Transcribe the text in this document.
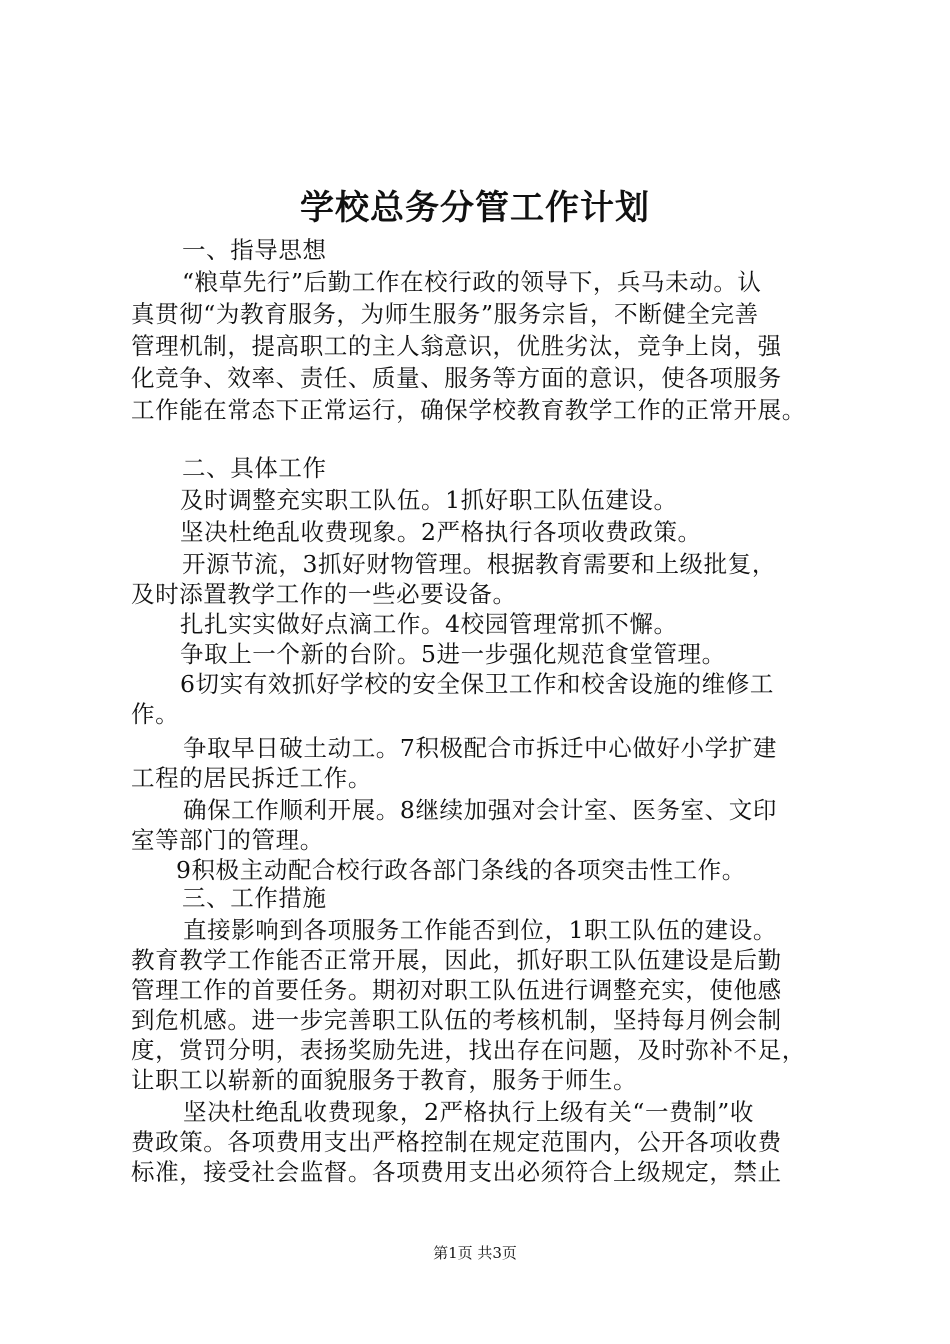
学校总务分管工作计划
一、指导思想
“粮草先行”后勤工作在校行政的领导下，兵马未动。认
真贯彻“为教育服务，为师生服务”服务宗旨，不断健全完善
管理机制，提高职工的主人翁意识，优胜劣汰，竞争上岗，强
化竞争、效率、责任、质量、服务等方面的意识，使各项服务
工作能在常态下正常运行，确保学校教育教学工作的正常开展。
二、具体工作
及时调整充实职工队伍。1抓好职工队伍建设。
坚决杜绝乱收费现象。2严格执行各项收费政策。
开源节流，3抓好财物管理。根据教育需要和上级批复，
及时添置教学工作的一些必要设备。
扎扎实实做好点滴工作。4校园管理常抓不懈。
争取上一个新的台阶。5进一步强化规范食堂管理。
6切实有效抓好学校的安全保卫工作和校舍设施的维修工
作。
争取早日破土动工。7积极配合市拆迁中心做好小学扩建
工程的居民拆迁工作。
确保工作顺利开展。8继续加强对会计室、医务室、文印
室等部门的管理。
9积极主动配合校行政各部门条线的各项突击性工作。
三、工作措施
直接影响到各项服务工作能否到位，1职工队伍的建设。
教育教学工作能否正常开展，因此，抓好职工队伍建设是后勤
管理工作的首要任务。期初对职工队伍进行调整充实，使他感
到危机感。进一步完善职工队伍的考核机制，坚持每月例会制
度，赏罚分明，表扬奖励先进，找出存在问题，及时弥补不足，
让职工以崭新的面貌服务于教育，服务于师生。
坚决杜绝乱收费现象，2严格执行上级有关“一费制”收
费政策。各项费用支出严格控制在规定范围内，公开各项收费
标准，接受社会监督。各项费用支出必须符合上级规定，禁止
第1页 共3页
